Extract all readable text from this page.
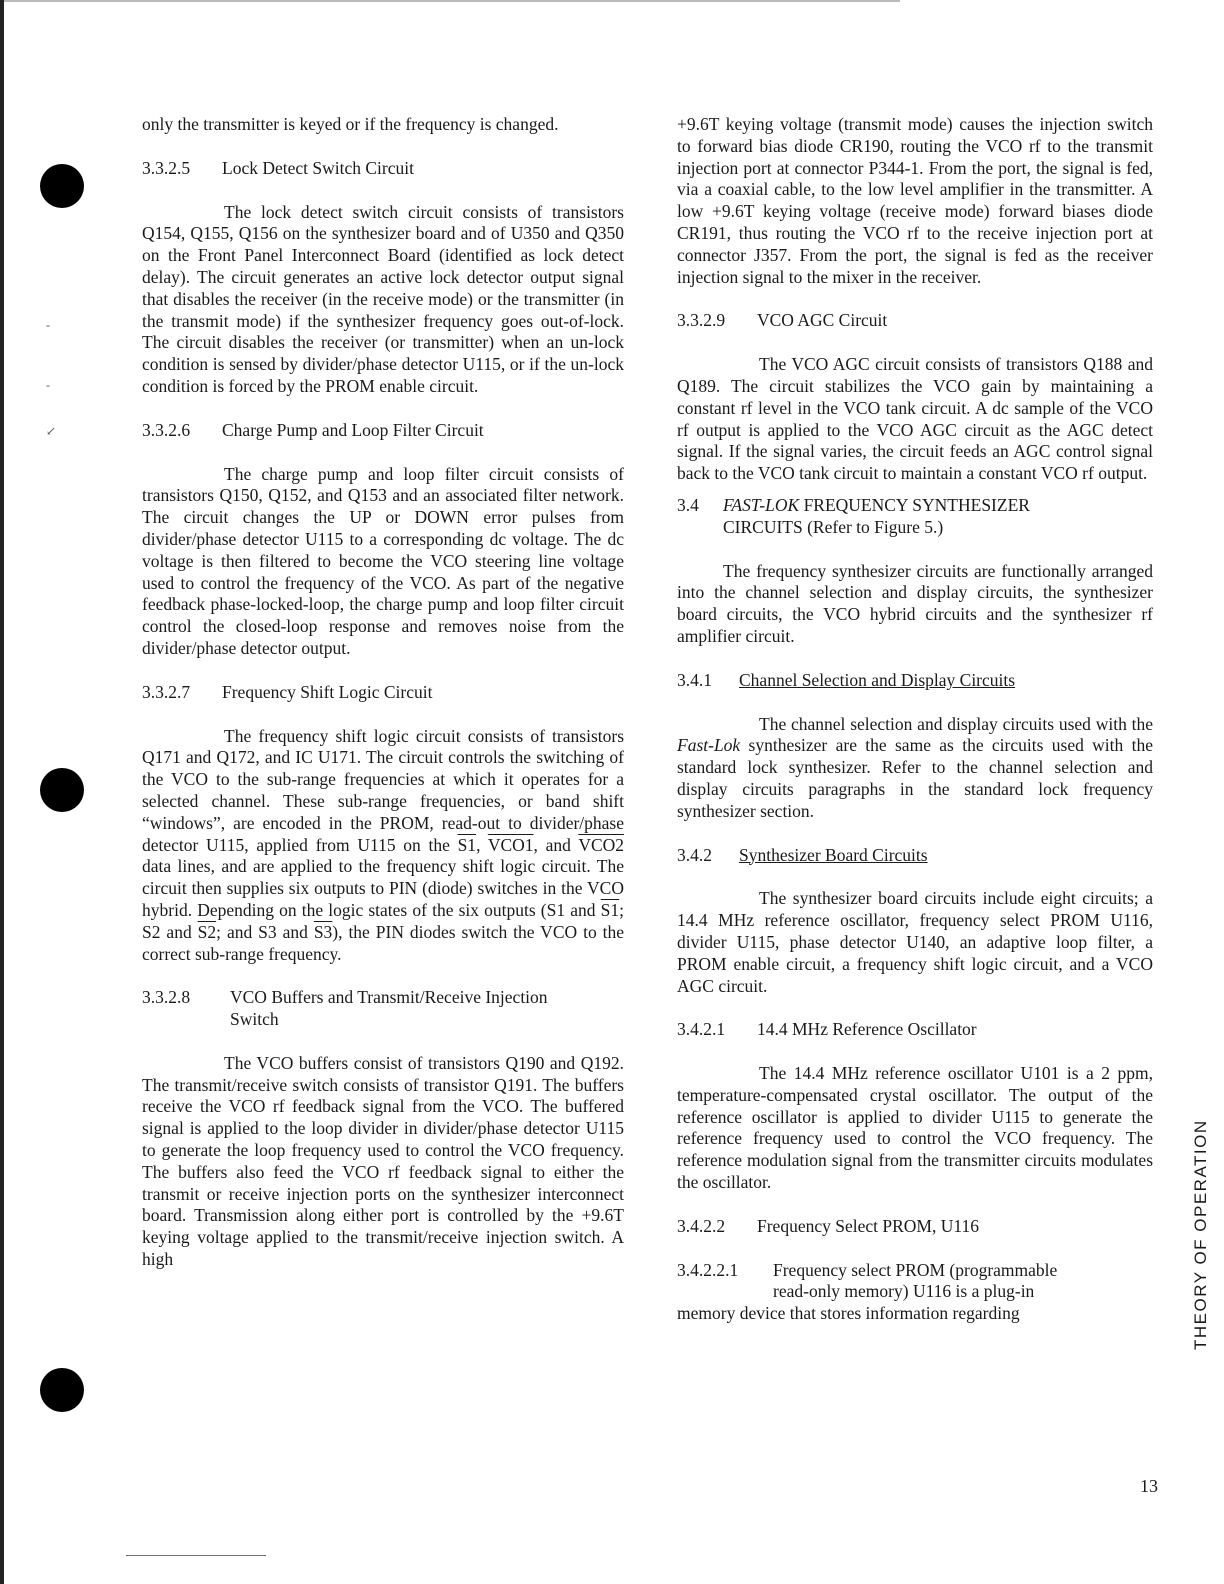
-
-
↙

only the transmitter is keyed or if the frequency is changed.

3.3.2.5 Lock Detect Switch Circuit

The lock detect switch circuit consists of transistors Q154, Q155, Q156 on the synthesizer board and of U350 and Q350 on the Front Panel Interconnect Board (identified as lock detect delay). The circuit generates an active lock detector output signal that disables the receiver (in the receive mode) or the transmitter (in the transmit mode) if the synthesizer frequency goes out-of-lock. The circuit disables the receiver (or transmitter) when an un-lock condition is sensed by divider/phase detector U115, or if the un-lock condition is forced by the PROM enable circuit.

3.3.2.6 Charge Pump and Loop Filter Circuit

The charge pump and loop filter circuit consists of transistors Q150, Q152, and Q153 and an associated filter network. The circuit changes the UP or DOWN error pulses from divider/phase detector U115 to a corresponding dc voltage. The dc voltage is then filtered to become the VCO steering line voltage used to control the frequency of the VCO. As part of the negative feedback phase-locked-loop, the charge pump and loop filter circuit control the closed-loop response and removes noise from the divider/phase detector output.

3.3.2.7 Frequency Shift Logic Circuit

The frequency shift logic circuit consists of transistors Q171 and Q172, and IC U171. The circuit controls the switching of the VCO to the sub-range frequencies at which it operates for a selected channel. These sub-range frequencies, or band shift “windows”, are encoded in the PROM, read-out to divider/phase detector U115, applied from U115 on the S1, VCO1, and VCO2 data lines, and are applied to the frequency shift logic circuit. The circuit then supplies six outputs to PIN (diode) switches in the VCO hybrid. Depending on the logic states of the six outputs (S1 and S1; S2 and S2; and S3 and S3), the PIN diodes switch the VCO to the correct sub-range frequency.

3.3.2.8 VCO Buffers and Transmit/Receive Injection
Switch

The VCO buffers consist of transistors Q190 and Q192. The transmit/receive switch consists of transistor Q191. The buffers receive the VCO rf feedback signal from the VCO. The buffered signal is applied to the loop divider in divider/phase detector U115 to generate the loop frequency used to control the VCO frequency. The buffers also feed the VCO rf feedback signal to either the transmit or receive injection ports on the synthesizer interconnect board. Transmission along either port is controlled by the +9.6T keying voltage applied to the transmit/receive injection switch. A high

+9.6T keying voltage (transmit mode) causes the injection switch to forward bias diode CR190, routing the VCO rf to the transmit injection port at connector P344-1. From the port, the signal is fed, via a coaxial cable, to the low level amplifier in the transmitter. A low +9.6T keying voltage (receive mode) forward biases diode CR191, thus routing the VCO rf to the receive injection port at connector J357. From the port, the signal is fed as the receiver injection signal to the mixer in the receiver.

3.3.2.9 VCO AGC Circuit

The VCO AGC circuit consists of transistors Q188 and Q189. The circuit stabilizes the VCO gain by maintaining a constant rf level in the VCO tank circuit. A dc sample of the VCO rf output is applied to the VCO AGC circuit as the AGC detect signal. If the signal varies, the circuit feeds an AGC control signal back to the VCO tank circuit to maintain a constant VCO rf output.

3.4 FAST-LOK FREQUENCY SYNTHESIZER
CIRCUITS (Refer to Figure 5.)

The frequency synthesizer circuits are functionally arranged into the channel selection and display circuits, the synthesizer board circuits, the VCO hybrid circuits and the synthesizer rf amplifier circuit.

3.4.1 Channel Selection and Display Circuits

The channel selection and display circuits used with the Fast-Lok synthesizer are the same as the circuits used with the standard lock synthesizer. Refer to the channel selection and display circuits paragraphs in the standard lock frequency synthesizer section.

3.4.2 Synthesizer Board Circuits

The synthesizer board circuits include eight circuits; a 14.4 MHz reference oscillator, frequency select PROM U116, divider U115, phase detector U140, an adaptive loop filter, a PROM enable circuit, a frequency shift logic circuit, and a VCO AGC circuit.

3.4.2.1 14.4 MHz Reference Oscillator

The 14.4 MHz reference oscillator U101 is a 2 ppm, temperature-compensated crystal oscillator. The output of the reference oscillator is applied to divider U115 to generate the reference frequency used to control the VCO frequency. The reference modulation signal from the transmitter circuits modulates the oscillator.

3.4.2.2 Frequency Select PROM, U116
3.4.2.2.1 Frequency select PROM (programmable
read-only memory) U116 is a plug-in
memory device that stores information regarding	THEORY OF OPERATION
13
